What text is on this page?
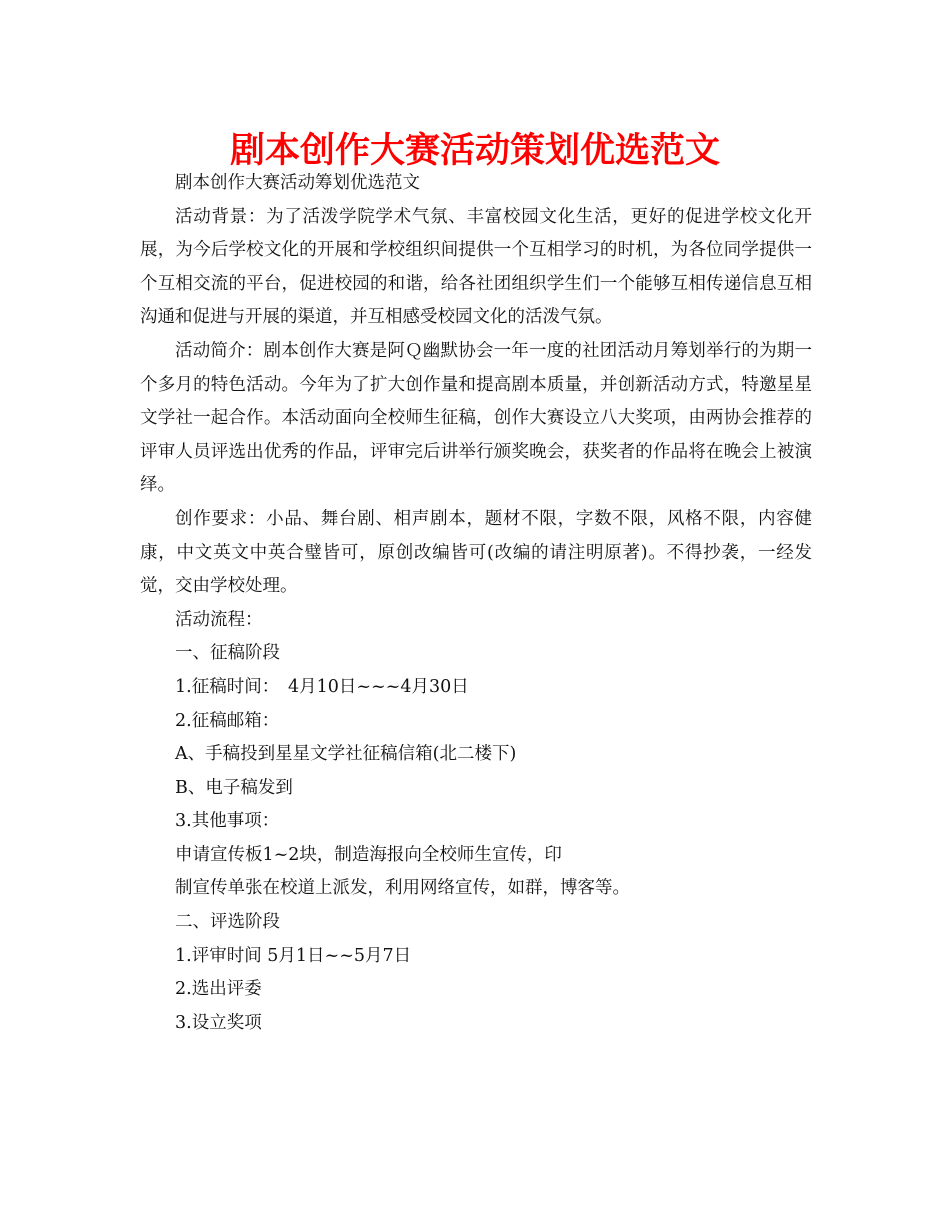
剧本创作大赛活动策划优选范文

剧本创作大赛活动筹划优选范文

活动背景：为了活泼学院学术气氛、丰富校园文化生活，更好的促进学校文化开展，为今后学校文化的开展和学校组织间提供一个互相学习的时机，为各位同学提供一个互相交流的平台，促进校园的和谐，给各社团组织学生们一个能够互相传递信息互相沟通和促进与开展的渠道，并互相感受校园文化的活泼气氛。

活动简介：剧本创作大赛是阿Ｑ幽默协会一年一度的社团活动月筹划举行的为期一个多月的特色活动。今年为了扩大创作量和提高剧本质量，并创新活动方式，特邀星星文学社一起合作。本活动面向全校师生征稿，创作大赛设立八大奖项，由两协会推荐的评审人员评选出优秀的作品，评审完后讲举行颁奖晚会，获奖者的作品将在晚会上被演绎。

创作要求：小品、舞台剧、相声剧本，题材不限，字数不限，风格不限，内容健康，中文英文中英合璧皆可，原创改编皆可(改编的请注明原著)。不得抄袭，一经发觉，交由学校处理。

活动流程：

一、征稿阶段

1.征稿时间：　4月10日~~~4月30日

2.征稿邮箱：

A、手稿投到星星文学社征稿信箱(北二楼下)

B、电子稿发到

3.其他事项：

申请宣传板1~2块，制造海报向全校师生宣传，印

制宣传单张在校道上派发，利用网络宣传，如群，博客等。

二、评选阶段

1.评审时间 5月1日~~5月7日

2.选出评委

3.设立奖项
